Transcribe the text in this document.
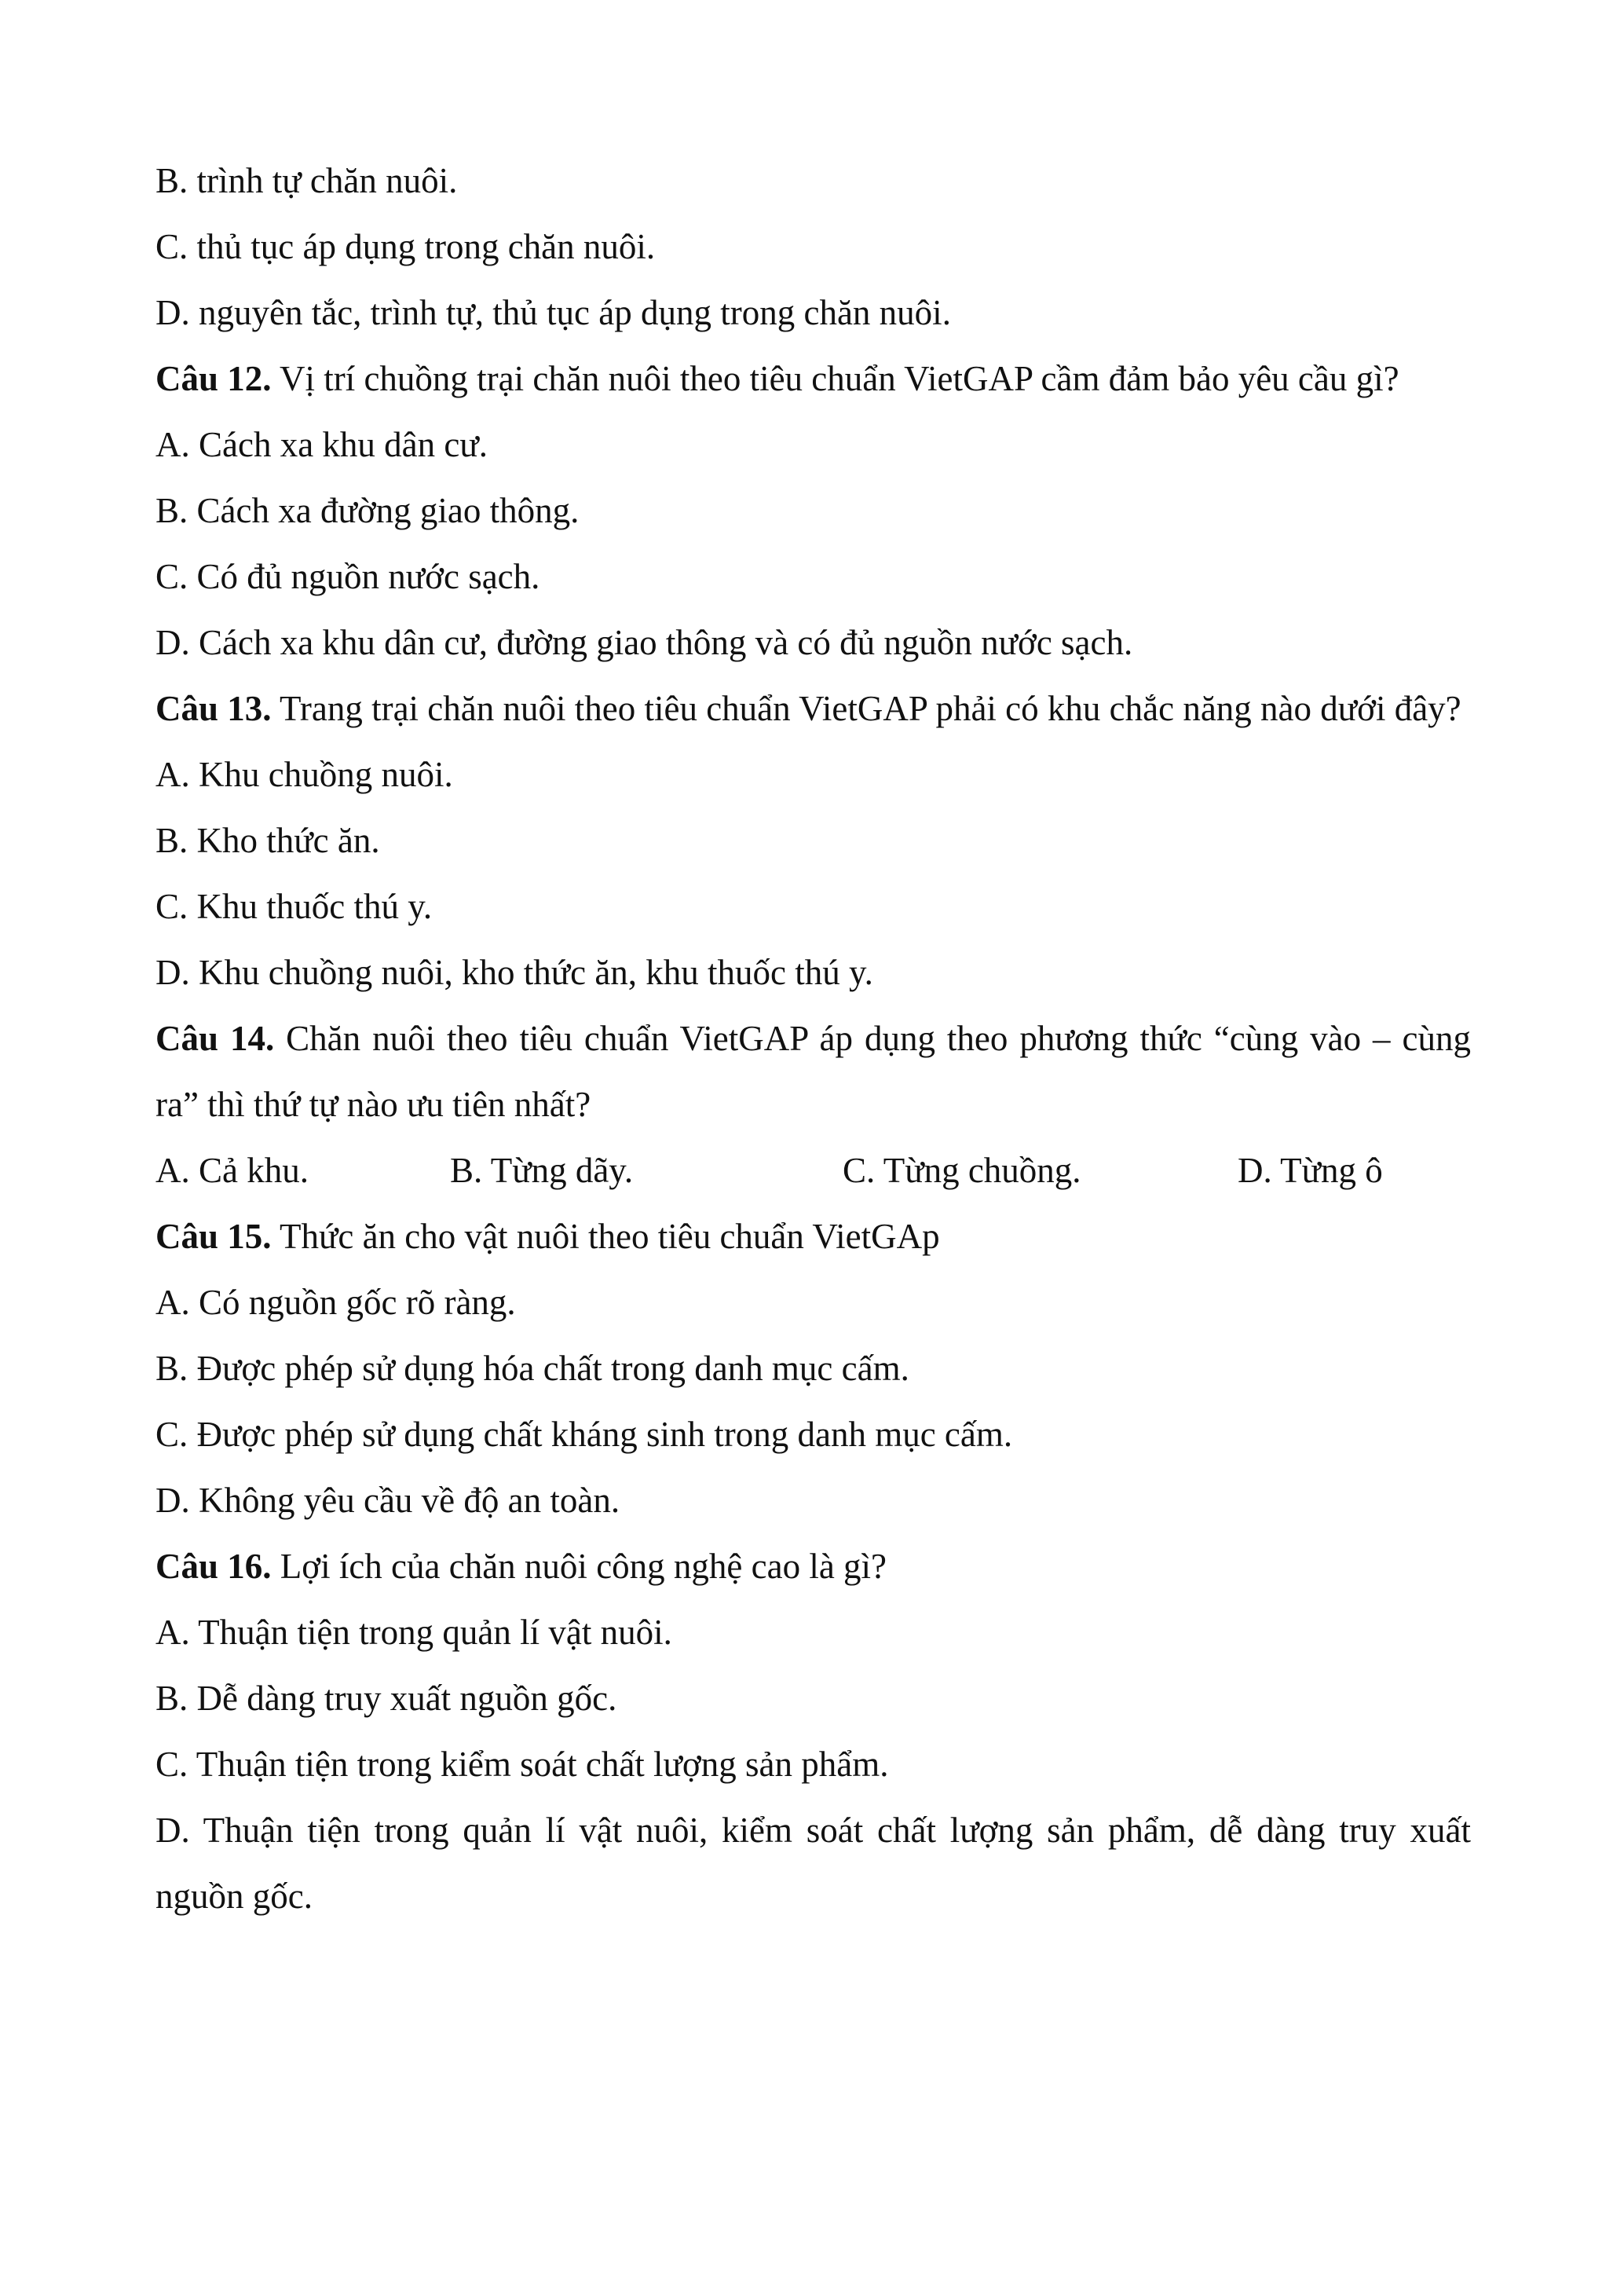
B. trình tự chăn nuôi.
C. thủ tục áp dụng trong chăn nuôi.
D. nguyên tắc, trình tự, thủ tục áp dụng trong chăn nuôi.
Câu 12. Vị trí chuồng trại chăn nuôi theo tiêu chuẩn VietGAP cầm đảm bảo yêu cầu gì?
A. Cách xa khu dân cư.
B. Cách xa đường giao thông.
C. Có đủ nguồn nước sạch.
D. Cách xa khu dân cư, đường giao thông và có đủ nguồn nước sạch.
Câu 13. Trang trại chăn nuôi theo tiêu chuẩn VietGAP phải có khu chắc năng nào dưới đây?
A. Khu chuồng nuôi.
B. Kho thức ăn.
C. Khu thuốc thú y.
D. Khu chuồng nuôi, kho thức ăn, khu thuốc thú y.
Câu 14. Chăn nuôi theo tiêu chuẩn VietGAP áp dụng theo phương thức “cùng vào – cùng ra” thì thứ tự nào ưu tiên nhất?
A. Cả khu.	B. Từng dãy.	C. Từng chuồng.	D. Từng ô
Câu 15. Thức ăn cho vật nuôi theo tiêu chuẩn VietGAp
A. Có nguồn gốc rõ ràng.
B. Được phép sử dụng hóa chất trong danh mục cấm.
C. Được phép sử dụng chất kháng sinh trong danh mục cấm.
D. Không yêu cầu về độ an toàn.
Câu 16. Lợi ích của chăn nuôi công nghệ cao là gì?
A. Thuận tiện trong quản lí vật nuôi.
B. Dễ dàng truy xuất nguồn gốc.
C. Thuận tiện trong kiểm soát chất lượng sản phẩm.
D. Thuận tiện trong quản lí vật nuôi, kiểm soát chất lượng sản phẩm, dễ dàng truy xuất nguồn gốc.
